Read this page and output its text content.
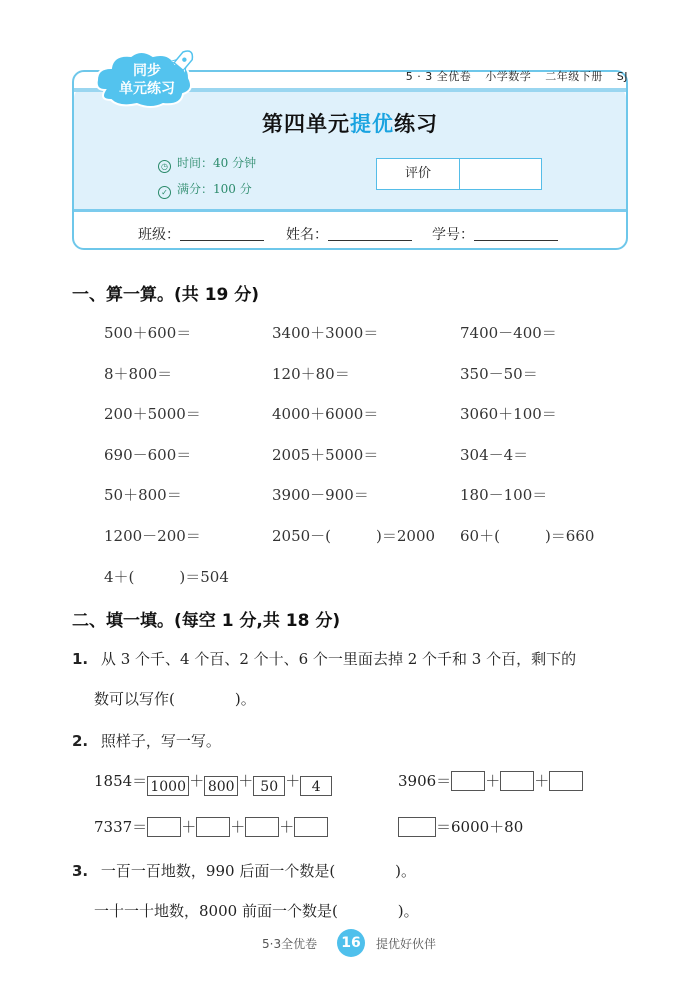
5 · 3 全优卷 小学数学 二年级下册 SJ
同步
单元练习
第四单元提优练习
◷ 时间：40 分钟
✓ 满分：100 分
评价
班级：	姓名：	学号：
一、算一算。(共 19 分)
500＋600＝	3400＋3000＝	7400－400＝
8＋800＝	120＋80＝	350－50＝
200＋5000＝	4000＋6000＝	3060＋100＝
690－600＝	2005＋5000＝	304－4＝
50＋800＝	3900－900＝	180－100＝
1200－200＝	2050－(　　　)＝2000 60＋(　　　)＝660
4＋(　　　)＝504
二、填一填。(每空 1 分,共 18 分)
1. 从 3 个千、4 个百、2 个十、6 个一里面去掉 2 个千和 3 个百，剩下的
数可以写作(　　　　)。
2. 照样子，写一写。
1854＝ 1000 ＋ 800 ＋ 50 ＋ 4	3906＝ ＋ ＋
7337＝ ＋ ＋ ＋	＝6000＋80
3. 一百一百地数，990 后面一个数是(　　　　)。
一十一十地数，8000 前面一个数是(　　　　)。
5·3全优卷	16	提优好伙伴
